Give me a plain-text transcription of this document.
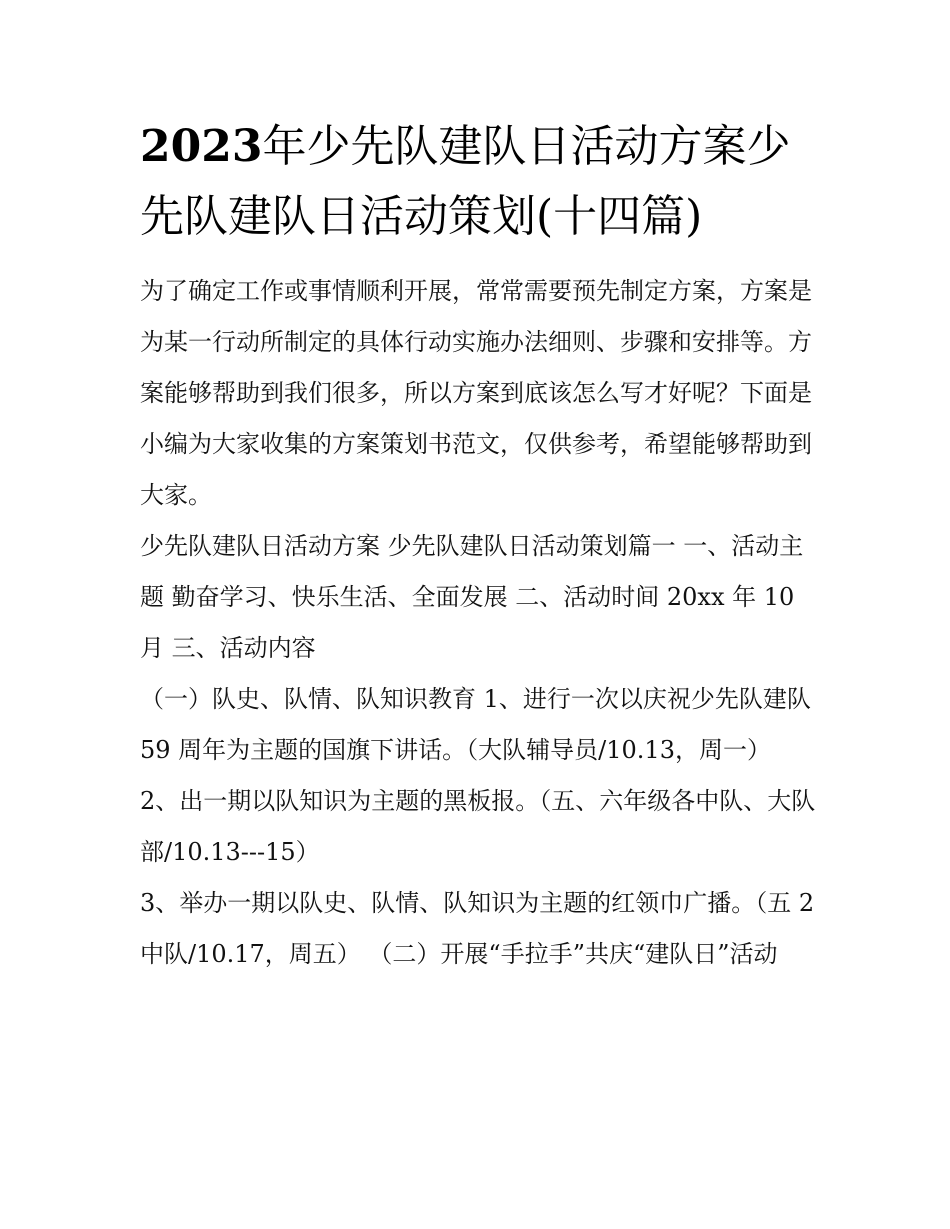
2023年少先队建队日活动方案少先队建队日活动策划(十四篇)

为了确定工作或事情顺利开展，常常需要预先制定方案，方案是为某一行动所制定的具体行动实施办法细则、步骤和安排等。方案能够帮助到我们很多，所以方案到底该怎么写才好呢？下面是小编为大家收集的方案策划书范文，仅供参考，希望能够帮助到大家。

少先队建队日活动方案 少先队建队日活动策划篇一 一、活动主题 勤奋学习、快乐生活、全面发展 二、活动时间 20xx 年 10 月 三、活动内容

（一）队史、队情、队知识教育 1、进行一次以庆祝少先队建队 59 周年为主题的国旗下讲话。（大队辅导员/10.13，周一）

2、出一期以队知识为主题的黑板报。（五、六年级各中队、大队部/10.13---15）

3、举办一期以队史、队情、队知识为主题的红领巾广播。（五 2 中队/10.17，周五） （二）开展“手拉手”共庆“建队日”活动
